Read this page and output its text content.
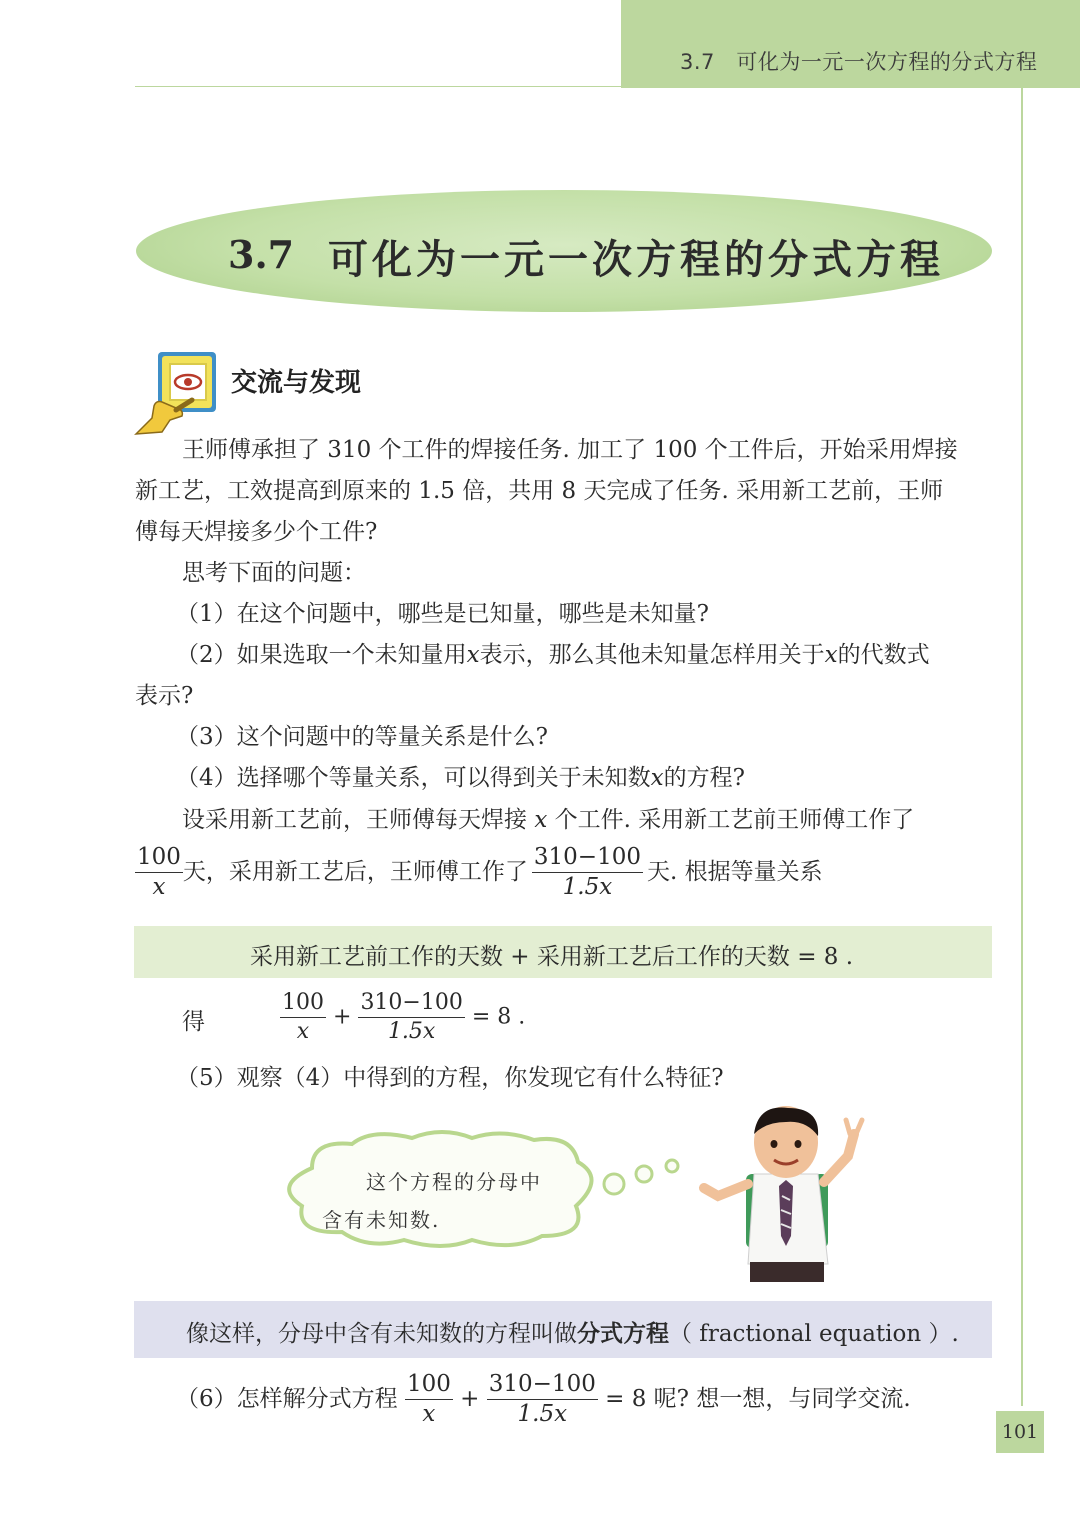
3.7   可化为一元一次方程的分式方程
3.7 可化为一元一次方程的分式方程
交流与发现
王师傅承担了 310 个工件的焊接任务. 加工了 100 个工件后，开始采用焊接
新工艺，工效提高到原来的 1.5 倍，共用 8 天完成了任务. 采用新工艺前，王师
傅每天焊接多少个工件?
思考下面的问题：
（1）在这个问题中，哪些是已知量，哪些是未知量?
（2）如果选取一个未知量用x表示，那么其他未知量怎样用关于x的代数式
表示?
（3）这个问题中的等量关系是什么?
（4）选择哪个等量关系，可以得到关于未知数x的方程?
设采用新工艺前，王师傅每天焊接 x 个工件. 采用新工艺前王师傅工作了
$\frac{100}{x}$ 天，采用新工艺后，王师傅工作了 $\frac{310-100}{1.5x}$ 天. 根据等量关系
采用新工艺前工作的天数 + 采用新工艺后工作的天数 = 8 .
得	$\frac{100}{x} + \frac{310-100}{1.5x} = 8$ .
（5）观察（4）中得到的方程，你发现它有什么特征?
这个方程的分母中
含有未知数.
像这样，分母中含有未知数的方程叫做分式方程（ fractional equation ）.
（6）怎样解分式方程 $\frac{100}{x} + \frac{310-100}{1.5x} = 8$ 呢? 想一想，与同学交流.
101
